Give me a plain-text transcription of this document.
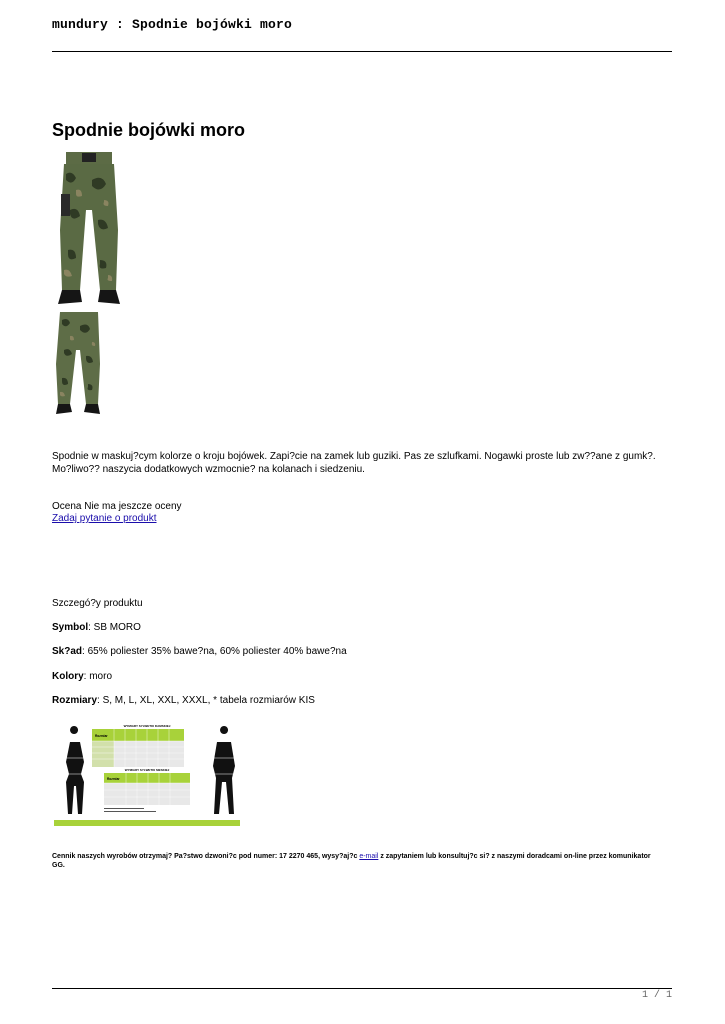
mundury : Spodnie bojówki moro
Spodnie bojówki moro

Spodnie w maskuj?cym kolorze o kroju bojówek. Zapi?cie na zamek lub guziki. Pas ze szlufkami. Nogawki proste lub zw??ane z gumk?. Mo?liwo?? naszycia dodatkowych wzmocnie? na kolanach i siedzeniu.

Ocena Nie ma jeszcze oceny
Zadaj pytanie o produkt
Szczegó?y produktu
Symbol: SB MORO
Sk?ad: 65% poliester 35% bawe?na, 60% poliester 40% bawe?na
Kolory: moro
Rozmiary: S, M, L, XL, XXL, XXXL, * tabela rozmiarów KIS
WYMIARY SYLWETKI DAMSKIEJ
WYMIARY SYLWETKI MESKIEJ
Rozmiar
Rozmiar

Cennik naszych wyrobów otrzymaj? Pa?stwo dzwoni?c pod numer: 17 2270 465, wysy?aj?c e-mail z zapytaniem lub konsultuj?c si? z naszymi doradcami on-line przez komunikator GG.

1 / 1
